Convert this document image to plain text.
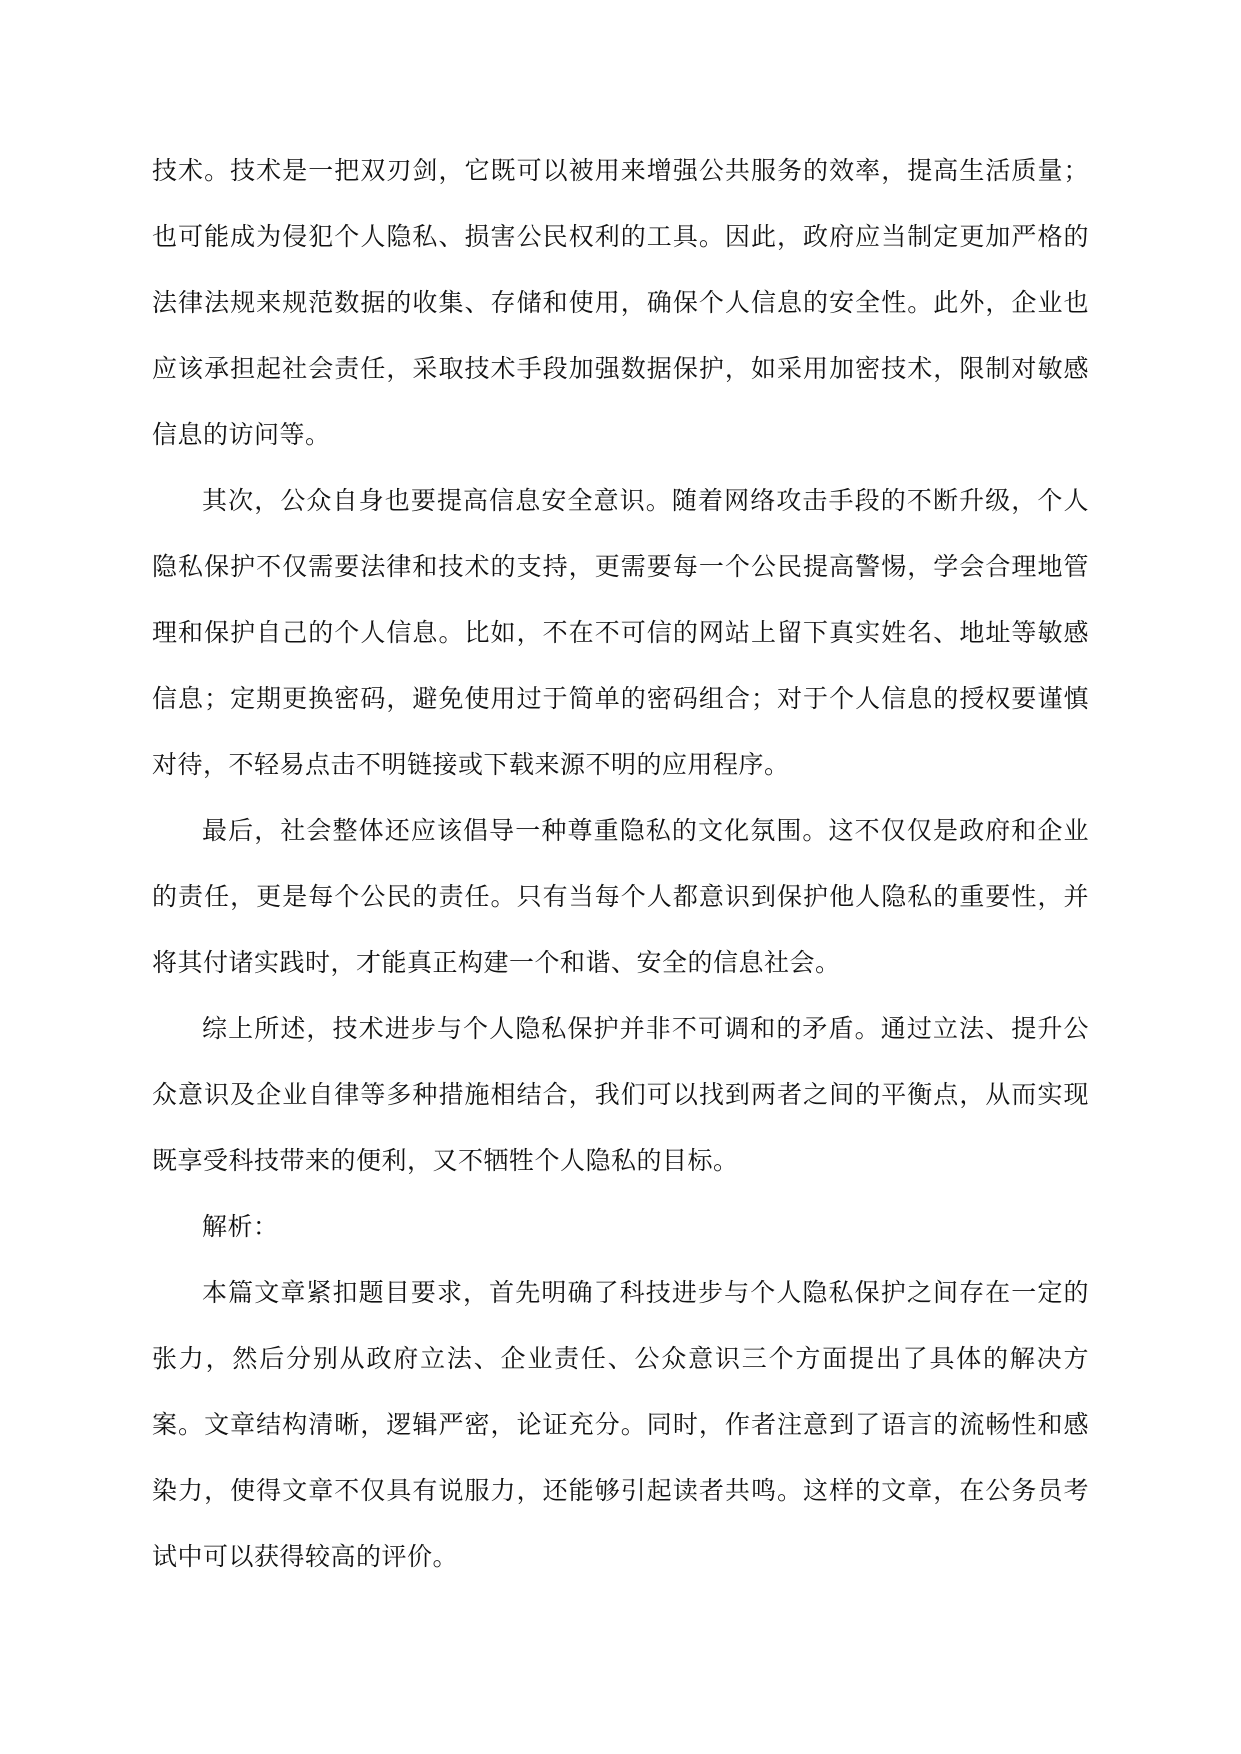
技术。技术是一把双刃剑，它既可以被用来增强公共服务的效率，提高生活质量；也可能成为侵犯个人隐私、损害公民权利的工具。因此，政府应当制定更加严格的法律法规来规范数据的收集、存储和使用，确保个人信息的安全性。此外，企业也应该承担起社会责任，采取技术手段加强数据保护，如采用加密技术，限制对敏感信息的访问等。

其次，公众自身也要提高信息安全意识。随着网络攻击手段的不断升级，个人隐私保护不仅需要法律和技术的支持，更需要每一个公民提高警惕，学会合理地管理和保护自己的个人信息。比如，不在不可信的网站上留下真实姓名、地址等敏感信息；定期更换密码，避免使用过于简单的密码组合；对于个人信息的授权要谨慎对待，不轻易点击不明链接或下载来源不明的应用程序。

最后，社会整体还应该倡导一种尊重隐私的文化氛围。这不仅仅是政府和企业的责任，更是每个公民的责任。只有当每个人都意识到保护他人隐私的重要性，并将其付诸实践时，才能真正构建一个和谐、安全的信息社会。

综上所述，技术进步与个人隐私保护并非不可调和的矛盾。通过立法、提升公众意识及企业自律等多种措施相结合，我们可以找到两者之间的平衡点，从而实现既享受科技带来的便利，又不牺牲个人隐私的目标。

解析：

本篇文章紧扣题目要求，首先明确了科技进步与个人隐私保护之间存在一定的张力，然后分别从政府立法、企业责任、公众意识三个方面提出了具体的解决方案。文章结构清晰，逻辑严密，论证充分。同时，作者注意到了语言的流畅性和感染力，使得文章不仅具有说服力，还能够引起读者共鸣。这样的文章，在公务员考试中可以获得较高的评价。
